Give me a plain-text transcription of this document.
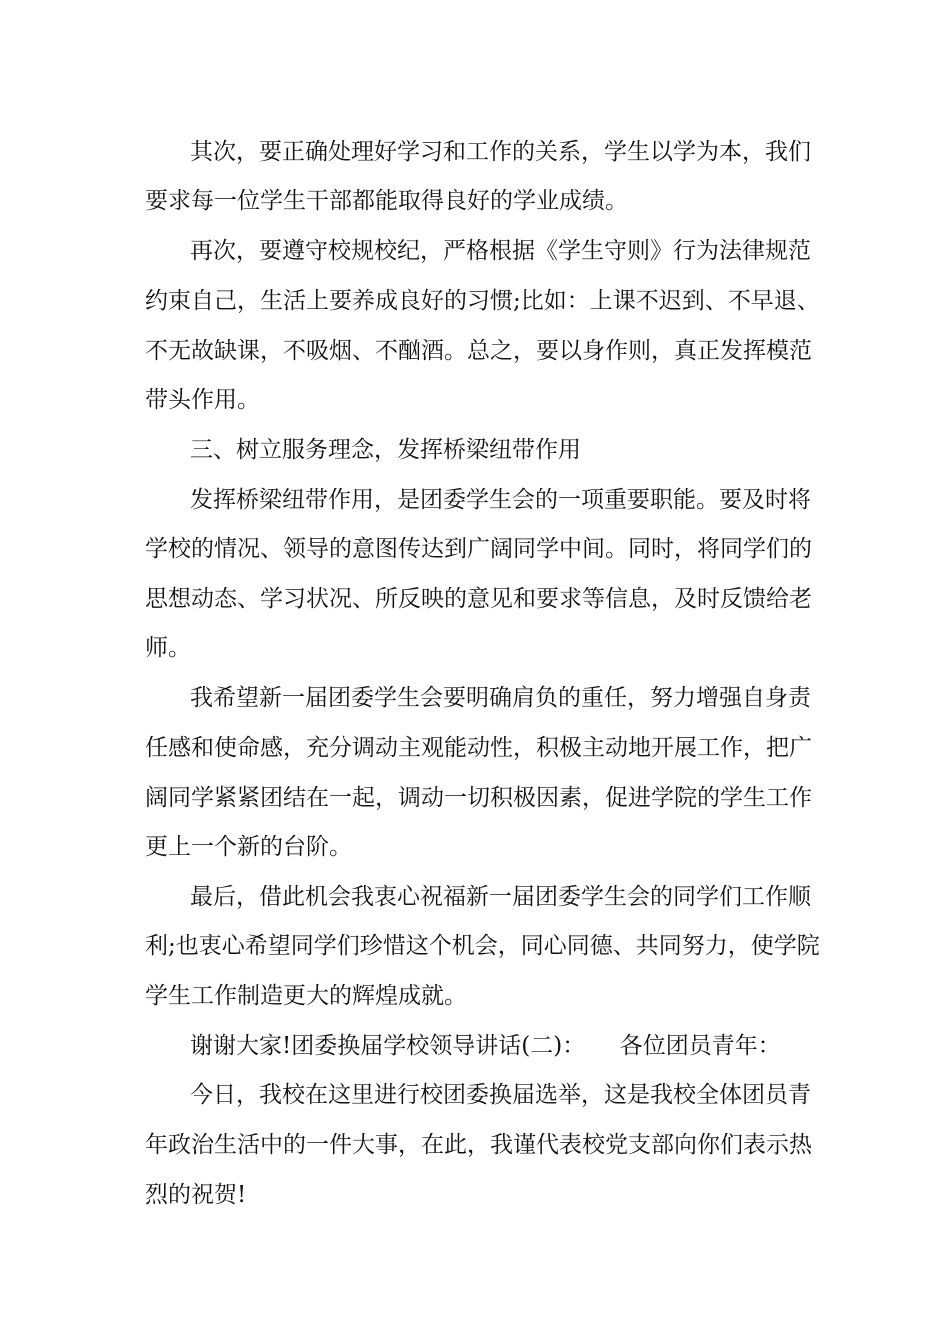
其次，要正确处理好学习和工作的关系，学生以学为本，我们
要求每一位学生干部都能取得良好的学业成绩。
再次，要遵守校规校纪，严格根据《学生守则》行为法律规范
约束自己，生活上要养成良好的习惯;比如：上课不迟到、不早退、
不无故缺课，不吸烟、不酗酒。总之，要以身作则，真正发挥模范
带头作用。
三、树立服务理念，发挥桥梁纽带作用
发挥桥梁纽带作用，是团委学生会的一项重要职能。要及时将
学校的情况、领导的意图传达到广阔同学中间。同时，将同学们的
思想动态、学习状况、所反映的意见和要求等信息，及时反馈给老
师。
我希望新一届团委学生会要明确肩负的重任，努力增强自身责
任感和使命感，充分调动主观能动性，积极主动地开展工作，把广
阔同学紧紧团结在一起，调动一切积极因素，促进学院的学生工作
更上一个新的台阶。
最后，借此机会我衷心祝福新一届团委学生会的同学们工作顺
利;也衷心希望同学们珍惜这个机会，同心同德、共同努力，使学院
学生工作制造更大的辉煌成就。
谢谢大家!团委换届学校领导讲话(二)：　　各位团员青年：
今日，我校在这里进行校团委换届选举，这是我校全体团员青
年政治生活中的一件大事，在此，我谨代表校党支部向你们表示热
烈的祝贺!
